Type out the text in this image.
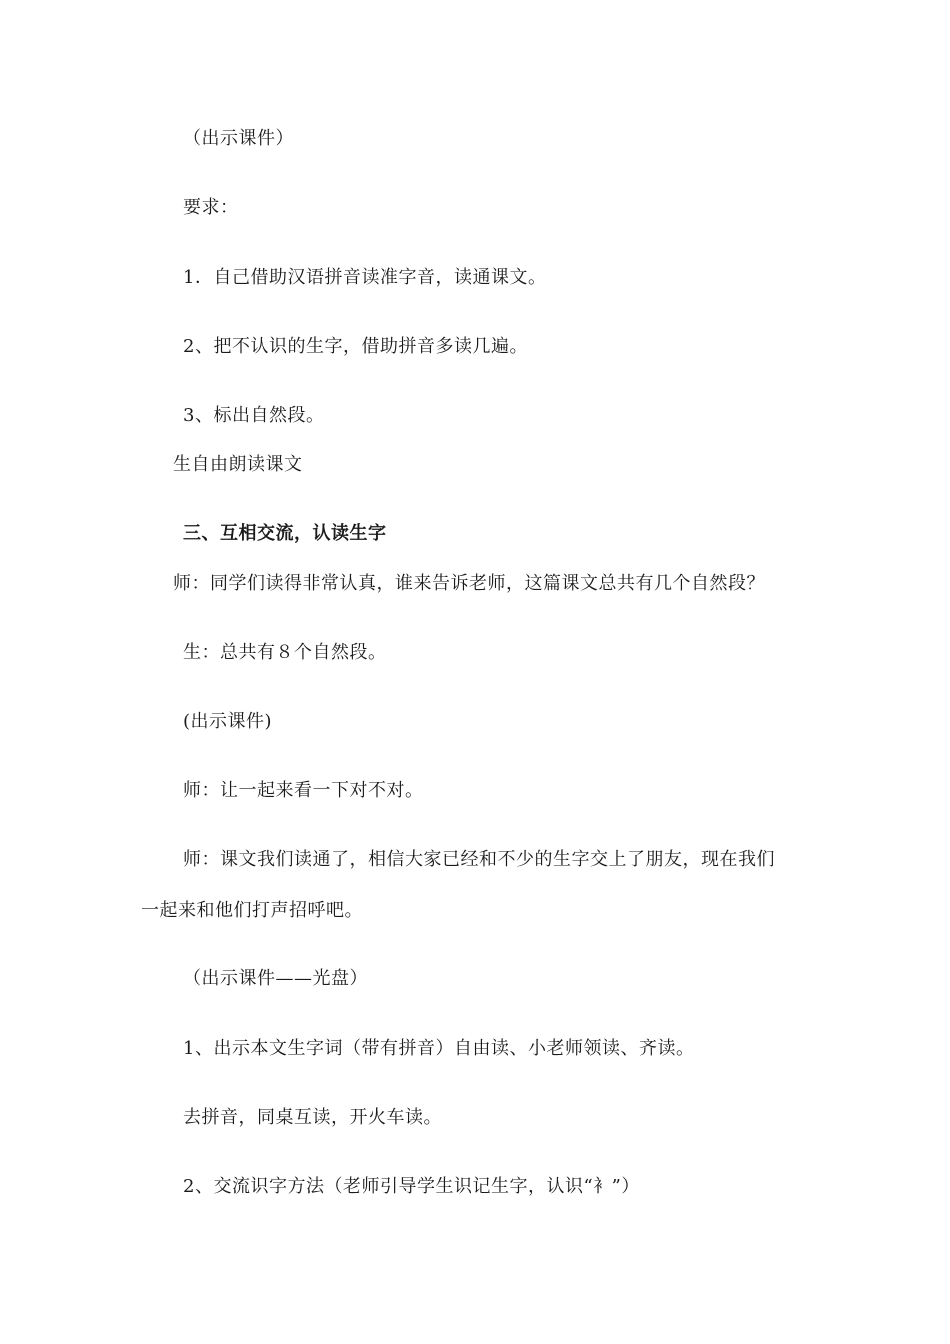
（出示课件）
要求：
1．自己借助汉语拼音读准字音，读通课文。
2、把不认识的生字，借助拼音多读几遍。
3、标出自然段。
生自由朗读课文
三、互相交流，认读生字
师：同学们读得非常认真，谁来告诉老师，这篇课文总共有几个自然段？
生：总共有８个自然段。
(出示课件)
师：让一起来看一下对不对。
师：课文我们读通了，相信大家已经和不少的生字交上了朋友，现在我们
一起来和他们打声招呼吧。
（出示课件——光盘）
1、出示本文生字词（带有拼音）自由读、小老师领读、齐读。
去拼音，同桌互读，开火车读。
2、交流识字方法（老师引导学生识记生字，认识“衤”）
